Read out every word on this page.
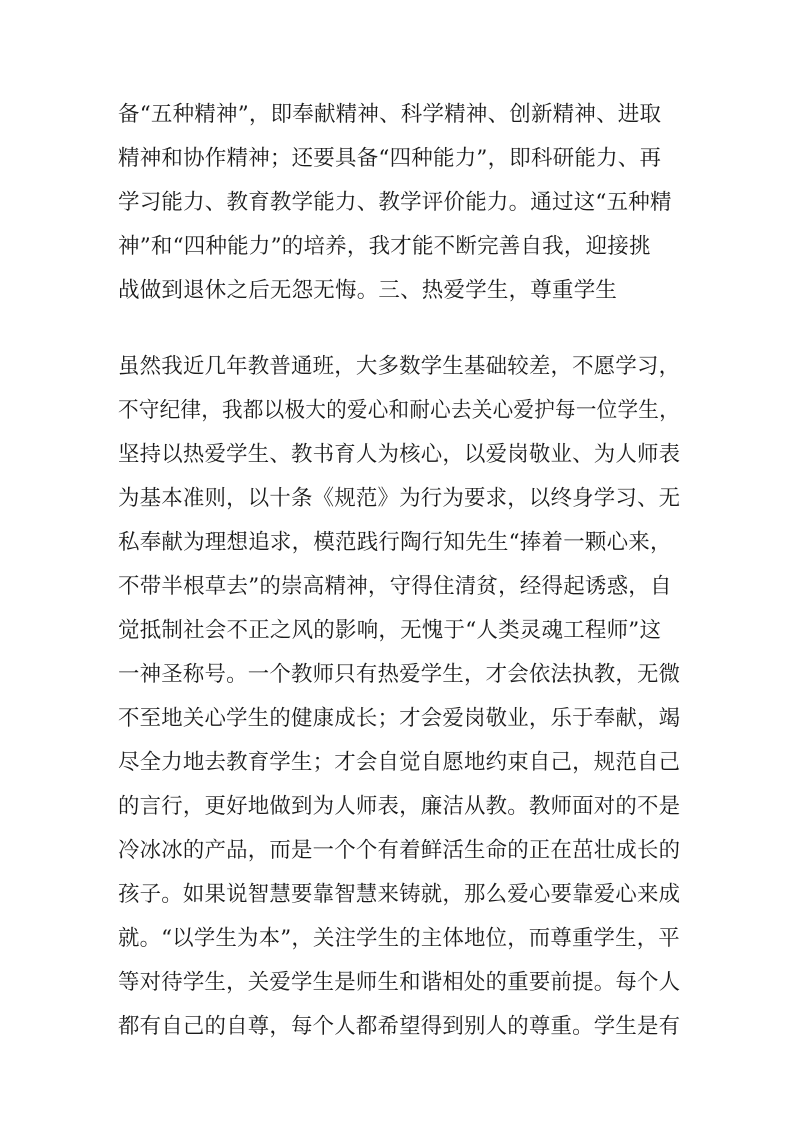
备“五种精神”，即奉献精神、科学精神、创新精神、进取

精神和协作精神；还要具备“四种能力”，即科研能力、再

学习能力、教育教学能力、教学评价能力。通过这“五种精

神”和“四种能力”的培养，我才能不断完善自我，迎接挑

战做到退休之后无怨无悔。三、热爱学生，尊重学生

虽然我近几年教普通班，大多数学生基础较差，不愿学习，

不守纪律，我都以极大的爱心和耐心去关心爱护每一位学生，

坚持以热爱学生、教书育人为核心，以爱岗敬业、为人师表

为基本准则，以十条《规范》为行为要求，以终身学习、无

私奉献为理想追求，模范践行陶行知先生“捧着一颗心来，

不带半根草去”的崇高精神，守得住清贫，经得起诱惑，自

觉抵制社会不正之风的影响，无愧于“人类灵魂工程师”这

一神圣称号。一个教师只有热爱学生，才会依法执教，无微

不至地关心学生的健康成长；才会爱岗敬业，乐于奉献，竭

尽全力地去教育学生；才会自觉自愿地约束自己，规范自己

的言行，更好地做到为人师表，廉洁从教。教师面对的不是

冷冰冰的产品，而是一个个有着鲜活生命的正在茁壮成长的

孩子。如果说智慧要靠智慧来铸就，那么爱心要靠爱心来成

就。“以学生为本”，关注学生的主体地位，而尊重学生，平

等对待学生，关爱学生是师生和谐相处的重要前提。每个人

都有自己的自尊，每个人都希望得到别人的尊重。学生是有
